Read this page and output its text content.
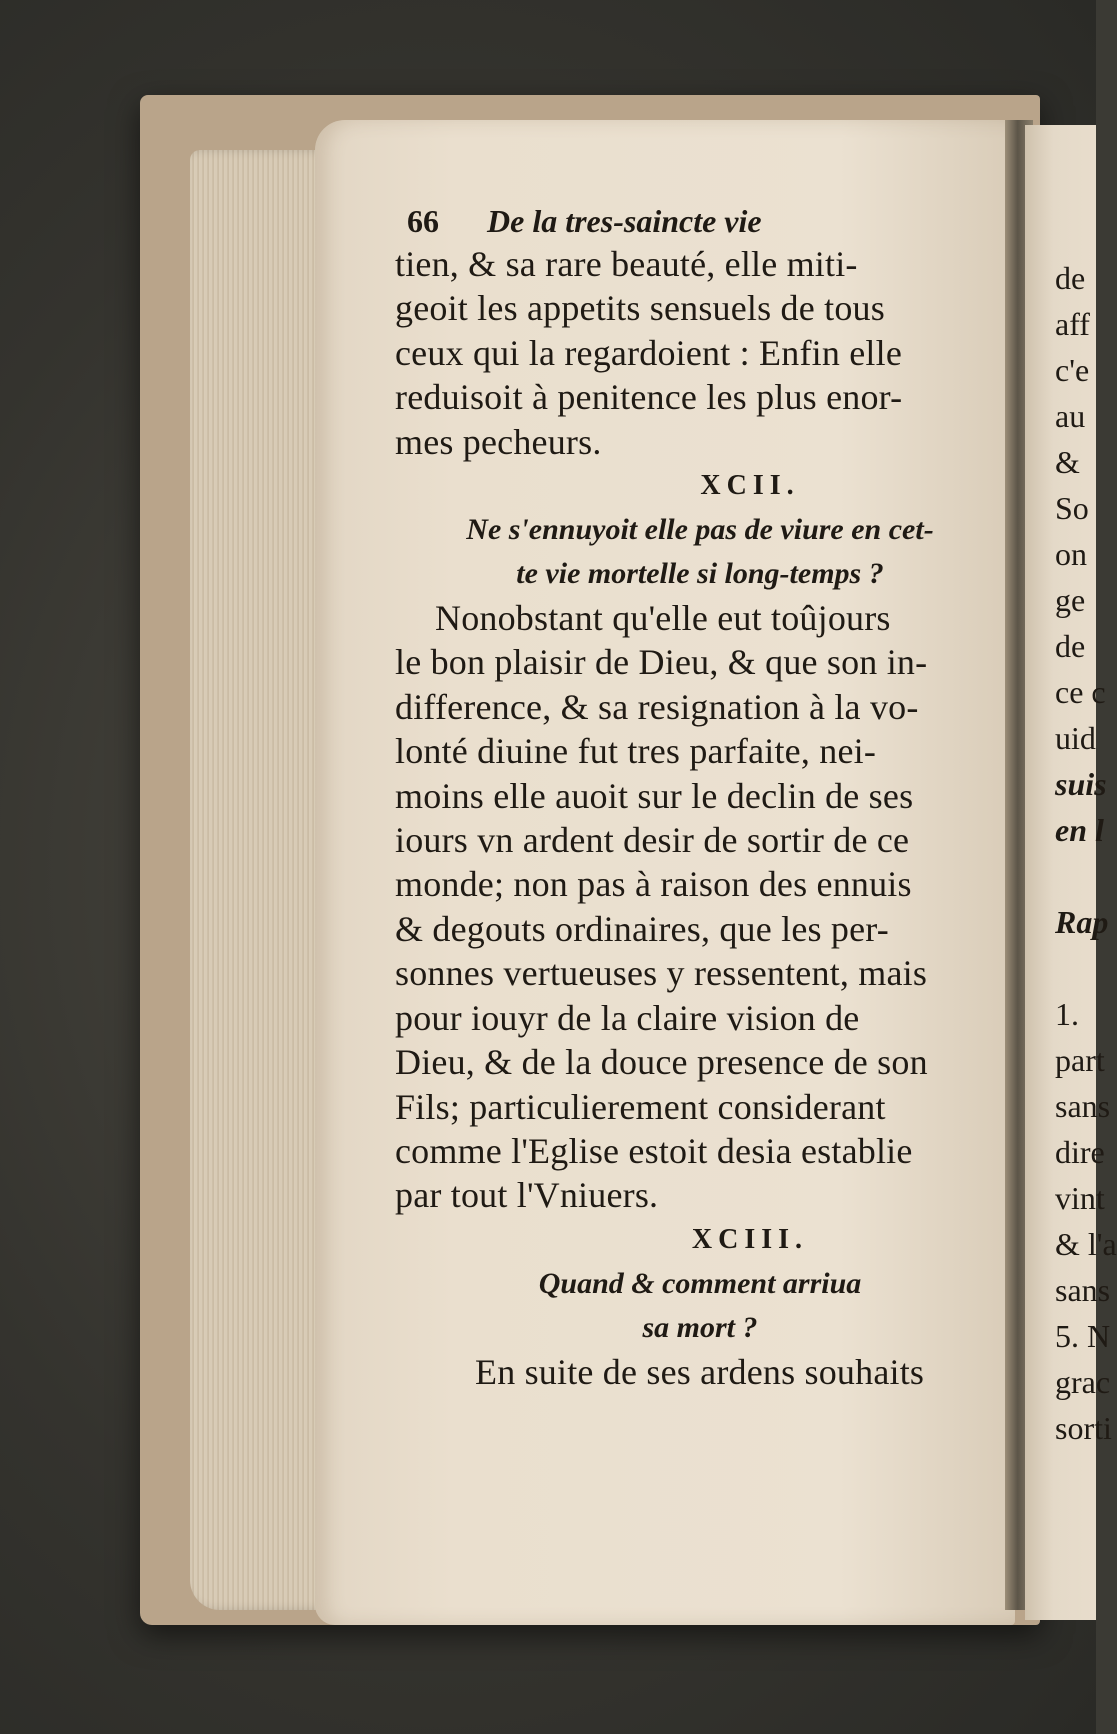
66	De la tres-saincte vie

tien, & sa rare beauté, elle miti-

geoit les appetits sensuels de tous

ceux qui la regardoient : Enfin elle

reduisoit à penitence les plus enor-

mes pecheurs.

XCII.

Ne s'ennuyoit elle pas de viure en cet-

te vie mortelle si long-temps ?

Nonobstant qu'elle eut toûjours

le bon plaisir de Dieu, & que son in-

difference, & sa resignation à la vo-

lonté diuine fut tres parfaite, nei-

moins elle auoit sur le declin de ses

iours vn ardent desir de sortir de ce

monde; non pas à raison des ennuis

& degouts ordinaires, que les per-

sonnes vertueuses y ressentent, mais

pour iouyr de la claire vision de

Dieu, & de la douce presence de son

Fils; particulierement considerant

comme l'Eglise estoit desia establie

par tout l'Vniuers.

XCIII.

Quand & comment arriua

sa mort ?

En suite de ses ardens souhaits

de
aff
c'e
au
&
So
on
ge
de
ce c
uid
suis
en l
Rap
1.
part
sans
dire
vint
& l'a
sans
5. N
grac
sorti
